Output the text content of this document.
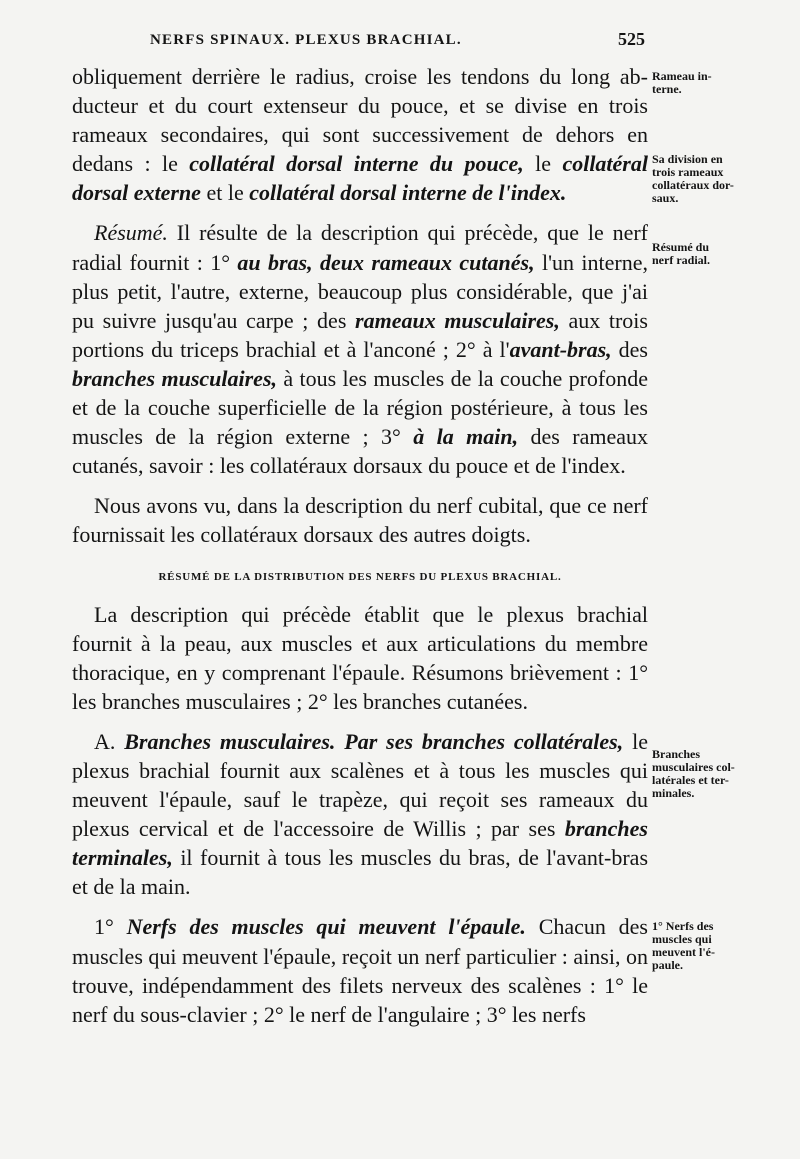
NERFS SPINAUX. PLEXUS BRACHIAL.	525

obliquement derrière le radius, croise les tendons du long abducteur et du court extenseur du pouce, et se divise en trois rameaux secondaires, qui sont successivement de dehors en dedans : le collatéral dorsal interne du pouce, le collatéral dorsal externe et le collatéral dorsal interne de l'index.

Résumé. Il résulte de la description qui précède, que le nerf radial fournit : 1° au bras, deux rameaux cutanés, l'un interne, plus petit, l'autre, externe, beaucoup plus considérable, que j'ai pu suivre jusqu'au carpe ; des rameaux musculaires, aux trois portions du triceps brachial et à l'anconé ; 2° à l'avant-bras, des branches musculaires, à tous les muscles de la couche profonde et de la couche superficielle de la région postérieure, à tous les muscles de la région externe ; 3° à la main, des rameaux cutanés, savoir : les collatéraux dorsaux du pouce et de l'index.

Nous avons vu, dans la description du nerf cubital, que ce nerf fournissait les collatéraux dorsaux des autres doigts.

RÉSUMÉ DE LA DISTRIBUTION DES NERFS DU PLEXUS BRACHIAL.

La description qui précède établit que le plexus brachial fournit à la peau, aux muscles et aux articulations du membre thoracique, en y comprenant l'épaule. Résumons brièvement : 1° les branches musculaires ; 2° les branches cutanées.

A. Branches musculaires. Par ses branches collatérales, le plexus brachial fournit aux scalènes et à tous les muscles qui meuvent l'épaule, sauf le trapèze, qui reçoit ses rameaux du plexus cervical et de l'accessoire de Willis ; par ses branches terminales, il fournit à tous les muscles du bras, de l'avant-bras et de la main.

1° Nerfs des muscles qui meuvent l'épaule. Chacun des muscles qui meuvent l'épaule, reçoit un nerf particulier : ainsi, on trouve, indépendamment des filets nerveux des scalènes : 1° le nerf du sous-clavier ; 2° le nerf de l'angulaire ; 3° les nerfs

Rameau in-
terne.
Sa division en
trois rameaux
collatéraux dor-
saux.
Résumé du
nerf radial.
Branches
musculaires col-
latérales et ter-
minales.
1° Nerfs des
muscles qui
meuvent l'é-
paule.
